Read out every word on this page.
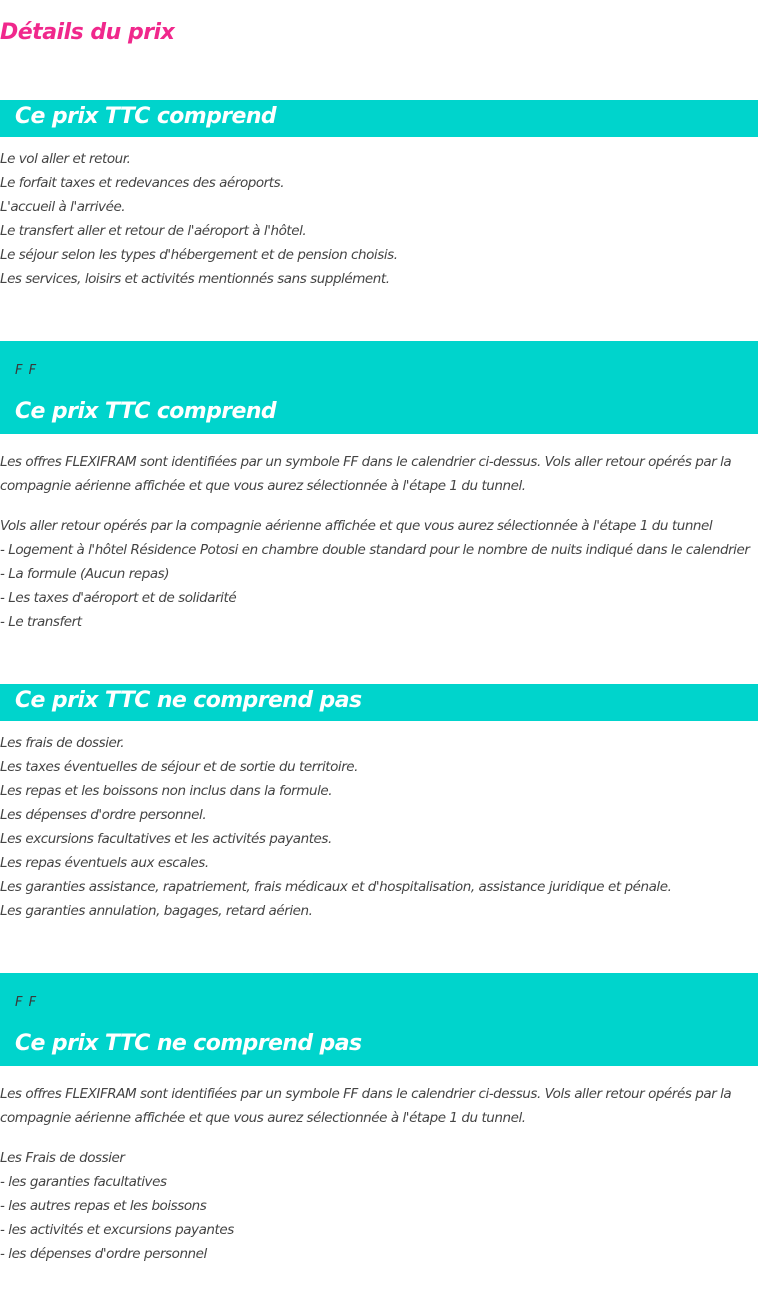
Détails du prix
Ce prix TTC comprend
Le vol aller et retour.
Le forfait taxes et redevances des aéroports.
L'accueil à l'arrivée.
Le transfert aller et retour de l'aéroport à l'hôtel.
Le séjour selon les types d'hébergement et de pension choisis.
Les services, loisirs et activités mentionnés sans supplément.
F F
Ce prix TTC comprend

Les offres FLEXIFRAM sont identifiées par un symbole FF dans le calendrier ci-dessus. Vols aller retour opérés par la compagnie aérienne affichée et que vous aurez sélectionnée à l'étape 1 du tunnel.

Vols aller retour opérés par la compagnie aérienne affichée et que vous aurez sélectionnée à l'étape 1 du tunnel
- Logement à l'hôtel Résidence Potosi en chambre double standard pour le nombre de nuits indiqué dans le calendrier
- La formule (Aucun repas)
- Les taxes d'aéroport et de solidarité
- Le transfert
Ce prix TTC ne comprend pas
Les frais de dossier.
Les taxes éventuelles de séjour et de sortie du territoire.
Les repas et les boissons non inclus dans la formule.
Les dépenses d'ordre personnel.
Les excursions facultatives et les activités payantes.
Les repas éventuels aux escales.
Les garanties assistance, rapatriement, frais médicaux et d'hospitalisation, assistance juridique et pénale.
Les garanties annulation, bagages, retard aérien.
F F
Ce prix TTC ne comprend pas

Les offres FLEXIFRAM sont identifiées par un symbole FF dans le calendrier ci-dessus. Vols aller retour opérés par la compagnie aérienne affichée et que vous aurez sélectionnée à l'étape 1 du tunnel.

Les Frais de dossier
- les garanties facultatives
- les autres repas et les boissons
- les activités et excursions payantes
- les dépenses d'ordre personnel
